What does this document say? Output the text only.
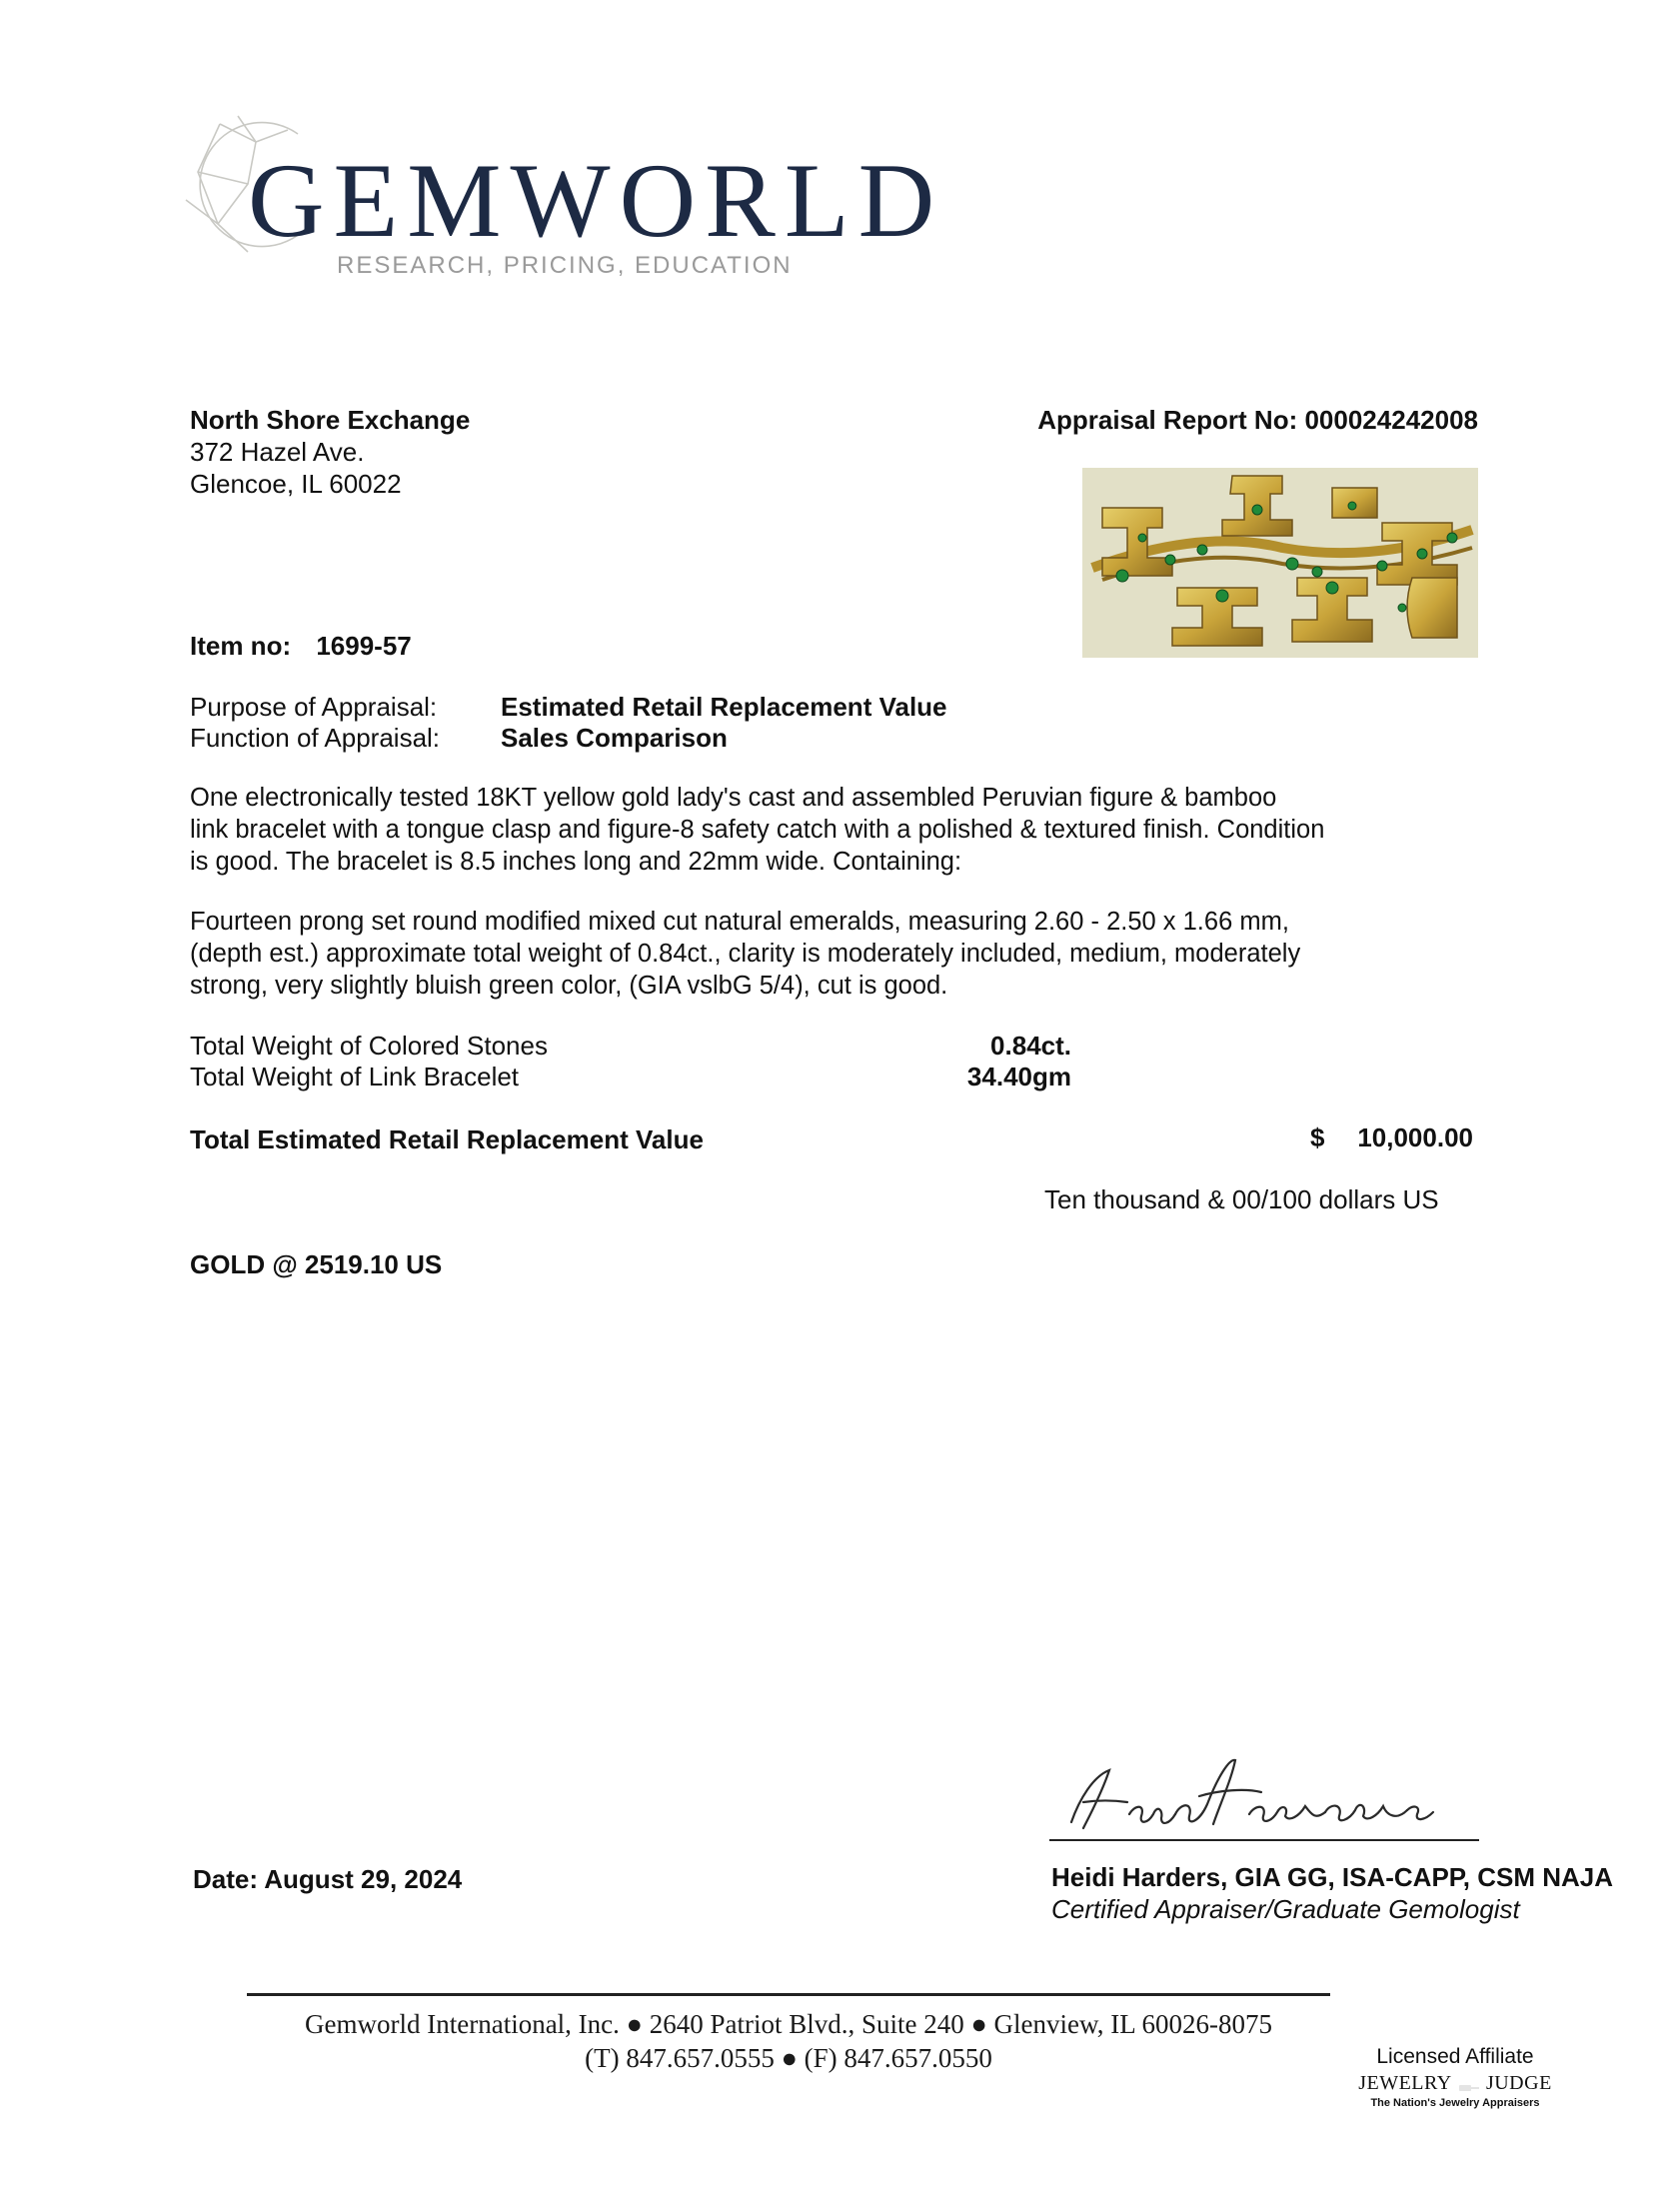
GEMWORLD
RESEARCH, PRICING, EDUCATION
North Shore Exchange
372 Hazel Ave.
Glencoe, IL 60022
Appraisal Report No: 000024242008
Item no: 1699-57
Purpose of Appraisal: Estimated Retail Replacement Value
Function of Appraisal: Sales Comparison
One electronically tested 18KT yellow gold lady's cast and assembled Peruvian figure & bamboo
link bracelet with a tongue clasp and figure-8 safety catch with a polished & textured finish. Condition
is good. The bracelet is 8.5 inches long and 22mm wide. Containing:
Fourteen prong set round modified mixed cut natural emeralds, measuring 2.60 - 2.50 x 1.66 mm,
(depth est.) approximate total weight of 0.84ct., clarity is moderately included, medium, moderately
strong, very slightly bluish green color, (GIA vslbG 5/4), cut is good.
Total Weight of Colored Stones	0.84ct.
Total Weight of Link Bracelet	34.40gm
Total Estimated Retail Replacement Value	$ 10,000.00
Ten thousand & 00/100 dollars US
GOLD @ 2519.10 US
Date: August 29, 2024	Heidi Harders, GIA GG, ISA-CAPP, CSM NAJA
Certified Appraiser/Graduate Gemologist
Gemworld International, Inc. ● 2640 Patriot Blvd., Suite 240 ● Glenview, IL 60026-8075
(T) 847.657.0555 ● (F) 847.657.0550	Licensed Affiliate
JEWELRY JUDGE
The Nation's Jewelry Appraisers
